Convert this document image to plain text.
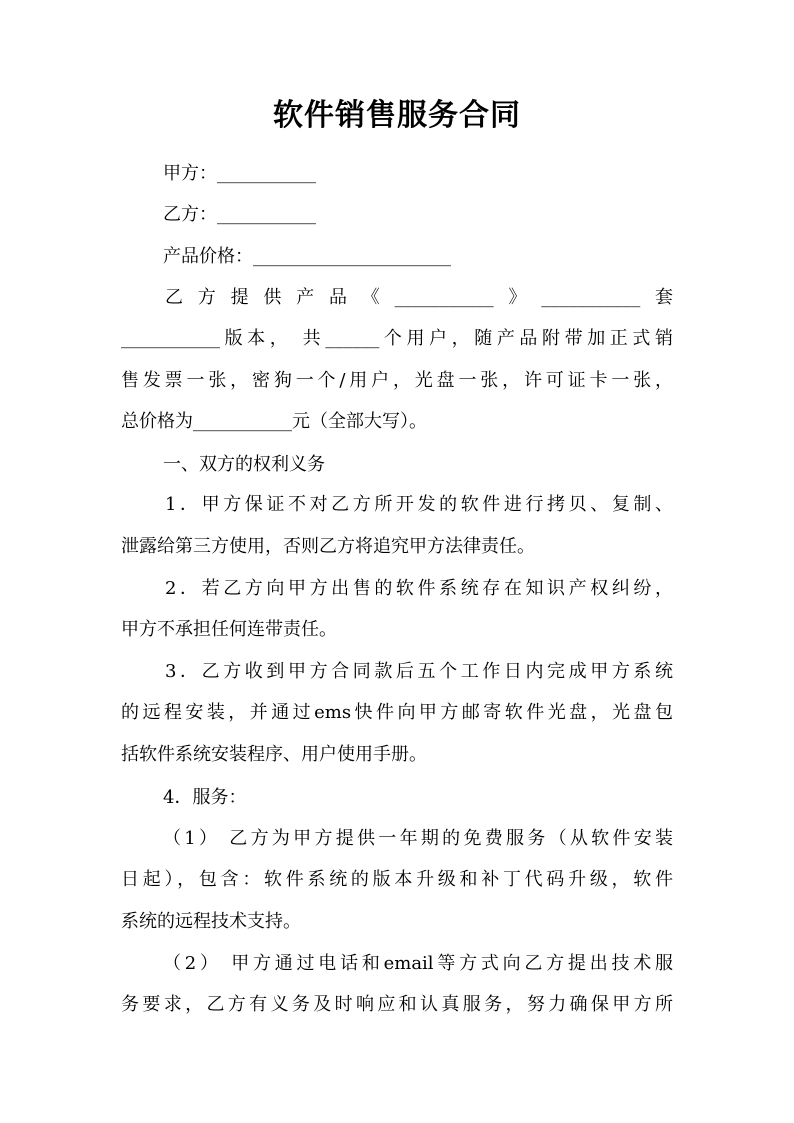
软件销售服务合同
甲方：___________
乙方：___________
产品价格：______________________
乙方提供产品《___________》___________套
___________版本， 共______个用户，随产品附带加正式销
售发票一张，密狗一个/用户，光盘一张，许可证卡一张，
总价格为___________元（全部大写）。
一、双方的权利义务
1．甲方保证不对乙方所开发的软件进行拷贝、复制、
泄露给第三方使用，否则乙方将追究甲方法律责任。
2．若乙方向甲方出售的软件系统存在知识产权纠纷，
甲方不承担任何连带责任。
3．乙方收到甲方合同款后五个工作日内完成甲方系统
的远程安装，并通过ems快件向甲方邮寄软件光盘，光盘包
括软件系统安装程序、用户使用手册。
4．服务：
（1） 乙方为甲方提供一年期的免费服务（从软件安装
日起），包含：软件系统的版本升级和补丁代码升级，软件
系统的远程技术支持。
（2） 甲方通过电话和email等方式向乙方提出技术服
务要求，乙方有义务及时响应和认真服务，努力确保甲方所
